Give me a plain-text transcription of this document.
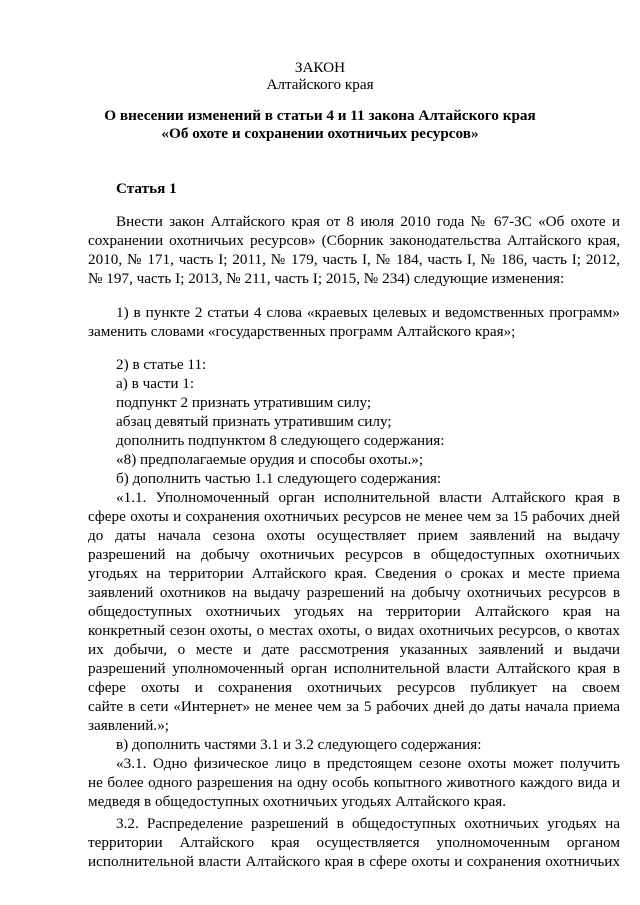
ЗАКОН
Алтайского края
О внесении изменений в статьи 4 и 11 закона Алтайского края
«Об охоте и сохранении охотничьих ресурсов»
Статья 1
Внести закон Алтайского края от 8 июля 2010 года № 67-ЗС «Об охоте и
сохранении охотничьих ресурсов» (Сборник законодательства Алтайского края,
2010, № 171, часть I; 2011, № 179, часть I, № 184, часть I, № 186, часть I; 2012,
№ 197, часть I; 2013, № 211, часть I; 2015, № 234) следующие изменения:
1) в пункте 2 статьи 4 слова «краевых целевых и ведомственных программ»
заменить словами «государственных программ Алтайского края»;
2) в статье 11:
а) в части 1:
подпункт 2 признать утратившим силу;
абзац девятый признать утратившим силу;
дополнить подпунктом 8 следующего содержания:
«8) предполагаемые орудия и способы охоты.»;
б) дополнить частью 1.1 следующего содержания:
«1.1. Уполномоченный орган исполнительной власти Алтайского края в
сфере охоты и сохранения охотничьих ресурсов не менее чем за 15 рабочих дней
до даты начала сезона охоты осуществляет прием заявлений на выдачу
разрешений на добычу охотничьих ресурсов в общедоступных охотничьих
угодьях на территории Алтайского края. Сведения о сроках и месте приема
заявлений охотников на выдачу разрешений на добычу охотничьих ресурсов в
общедоступных охотничьих угодьях на территории Алтайского края на
конкретный сезон охоты, о местах охоты, о видах охотничьих ресурсов, о квотах
их добычи, о месте и дате рассмотрения указанных заявлений и выдачи
разрешений уполномоченный орган исполнительной власти Алтайского края в
сфере охоты и сохранения охотничьих ресурсов публикует на своем
сайте в сети «Интернет» не менее чем за 5 рабочих дней до даты начала приема
заявлений.»;
в) дополнить частями 3.1 и 3.2 следующего содержания:
«3.1. Одно физическое лицо в предстоящем сезоне охоты может получить
не более одного разрешения на одну особь копытного животного каждого вида и
медведя в общедоступных охотничьих угодьях Алтайского края.
3.2. Распределение разрешений в общедоступных охотничьих угодьях на
территории Алтайского края осуществляется уполномоченным органом
исполнительной власти Алтайского края в сфере охоты и сохранения охотничьих
